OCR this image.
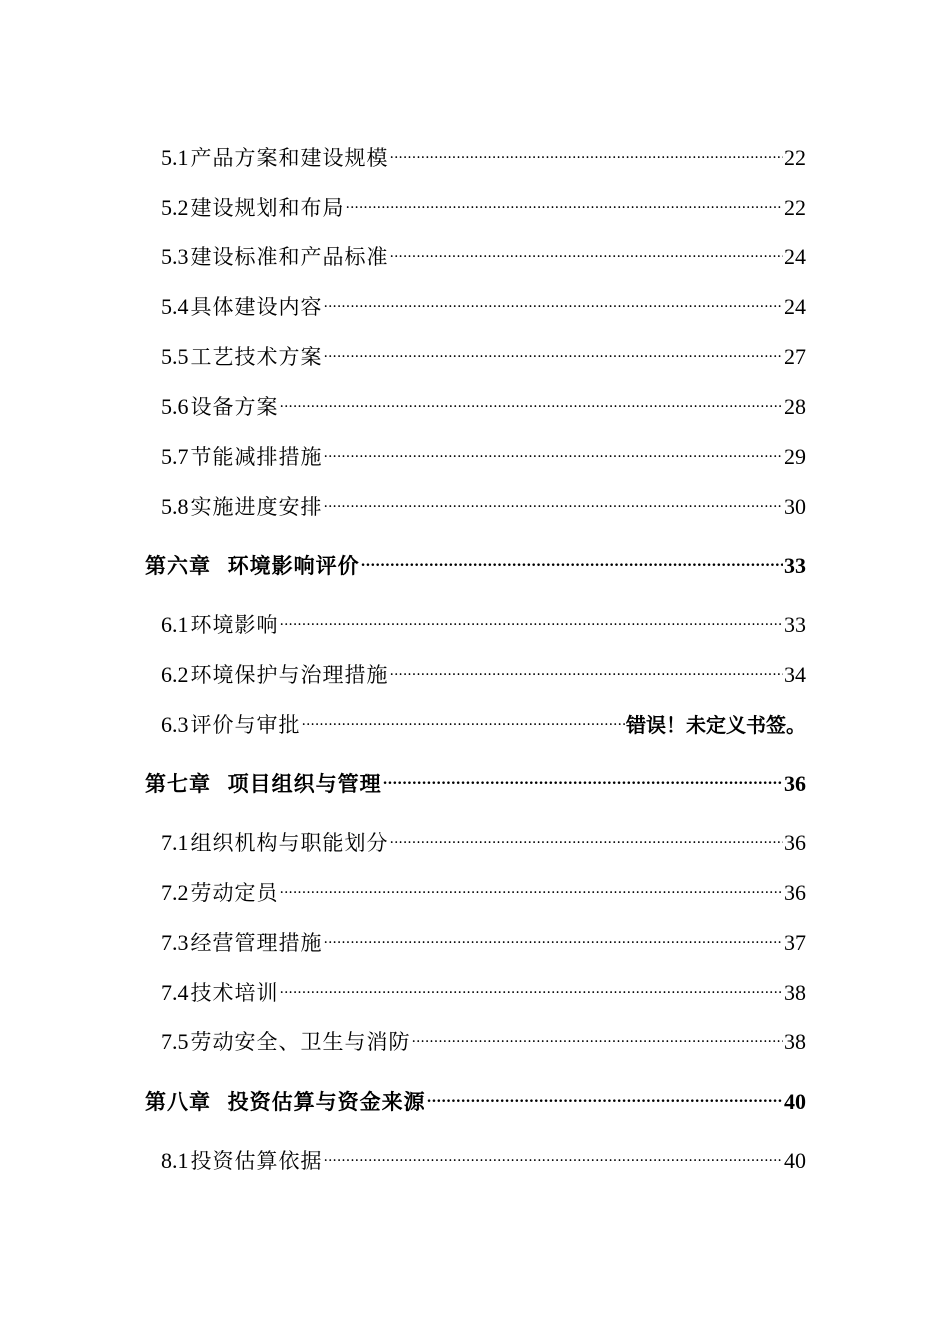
5.1产品方案和建设规模 .....	22
5.2建设规划和布局 .....	22
5.3建设标准和产品标准 .....	24
5.4具体建设内容 .....	24
5.5工艺技术方案 .....	27
5.6设备方案 .....	28
5.7节能减排措施 .....	29
5.8实施进度安排 .....	30
第六章 环境影响评价 .....	33
6.1环境影响 .....	33
6.2环境保护与治理措施 .....	34
6.3评价与审批 .....	错误！未定义书签。
第七章 项目组织与管理 .....	36
7.1组织机构与职能划分 .....	36
7.2劳动定员 .....	36
7.3经营管理措施 .....	37
7.4技术培训 .....	38
7.5劳动安全、卫生与消防 .....	38
第八章 投资估算与资金来源 .....	40
8.1投资估算依据 .....	40
